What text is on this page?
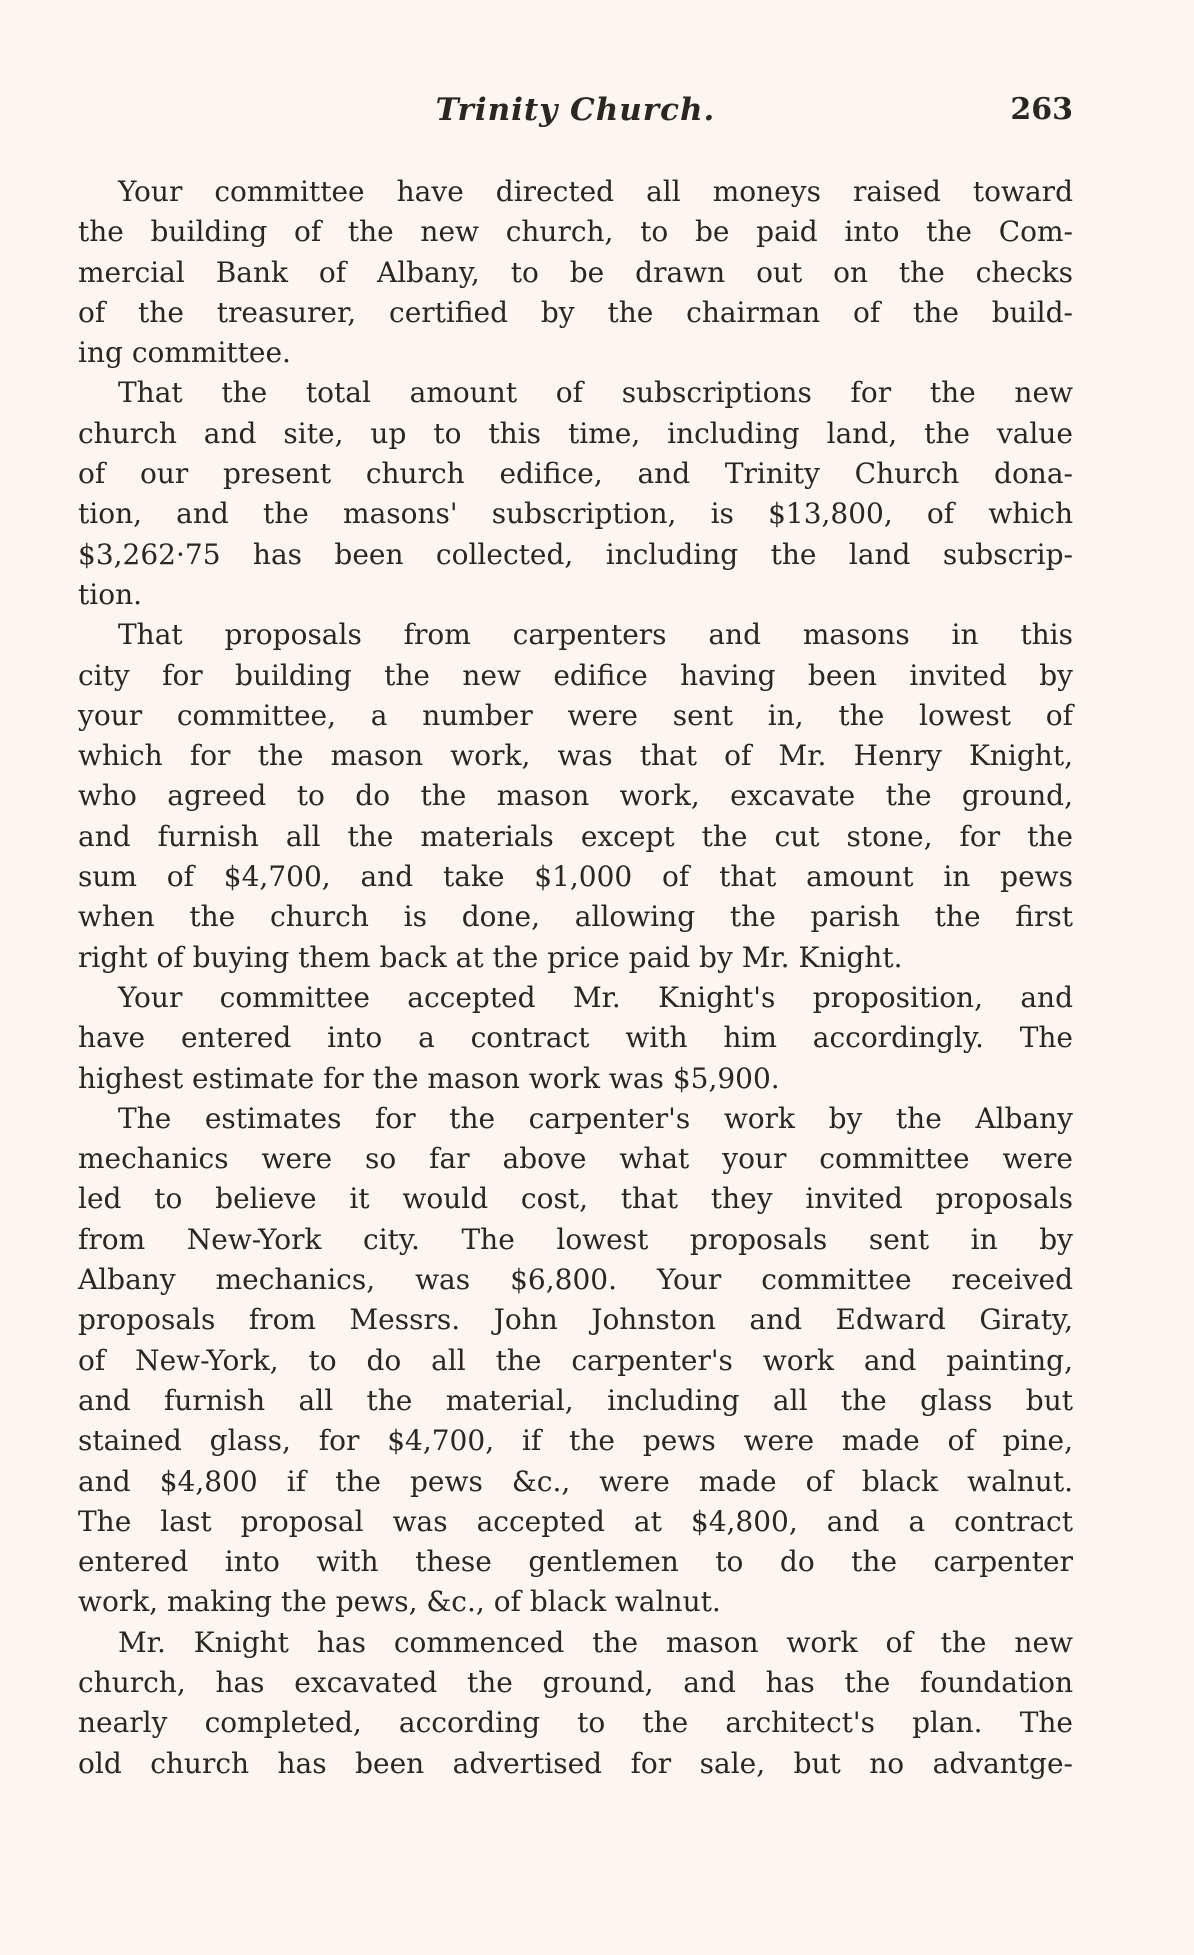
Trinity Church.	263
Your committee have directed all moneys raised toward
the building of the new church, to be paid into the Com-
mercial Bank of Albany, to be drawn out on the checks
of the treasurer, certified by the chairman of the build-
ing committee.
That the total amount of subscriptions for the new
church and site, up to this time, including land, the value
of our present church edifice, and Trinity Church dona-
tion, and the masons' subscription, is $13,800, of which
$3,262·75 has been collected, including the land subscrip-
tion.
That proposals from carpenters and masons in this
city for building the new edifice having been invited by
your committee, a number were sent in, the lowest of
which for the mason work, was that of Mr. Henry Knight,
who agreed to do the mason work, excavate the ground,
and furnish all the materials except the cut stone, for the
sum of $4,700, and take $1,000 of that amount in pews
when the church is done, allowing the parish the first
right of buying them back at the price paid by Mr. Knight.
Your committee accepted Mr. Knight's proposition, and
have entered into a contract with him accordingly. The
highest estimate for the mason work was $5,900.
The estimates for the carpenter's work by the Albany
mechanics were so far above what your committee were
led to believe it would cost, that they invited proposals
from New-York city. The lowest proposals sent in by
Albany mechanics, was $6,800. Your committee received
proposals from Messrs. John Johnston and Edward Giraty,
of New-York, to do all the carpenter's work and painting,
and furnish all the material, including all the glass but
stained glass, for $4,700, if the pews were made of pine,
and $4,800 if the pews &c., were made of black walnut.
The last proposal was accepted at $4,800, and a contract
entered into with these gentlemen to do the carpenter
work, making the pews, &c., of black walnut.
Mr. Knight has commenced the mason work of the new
church, has excavated the ground, and has the foundation
nearly completed, according to the architect's plan. The
old church has been advertised for sale, but no advantge-
